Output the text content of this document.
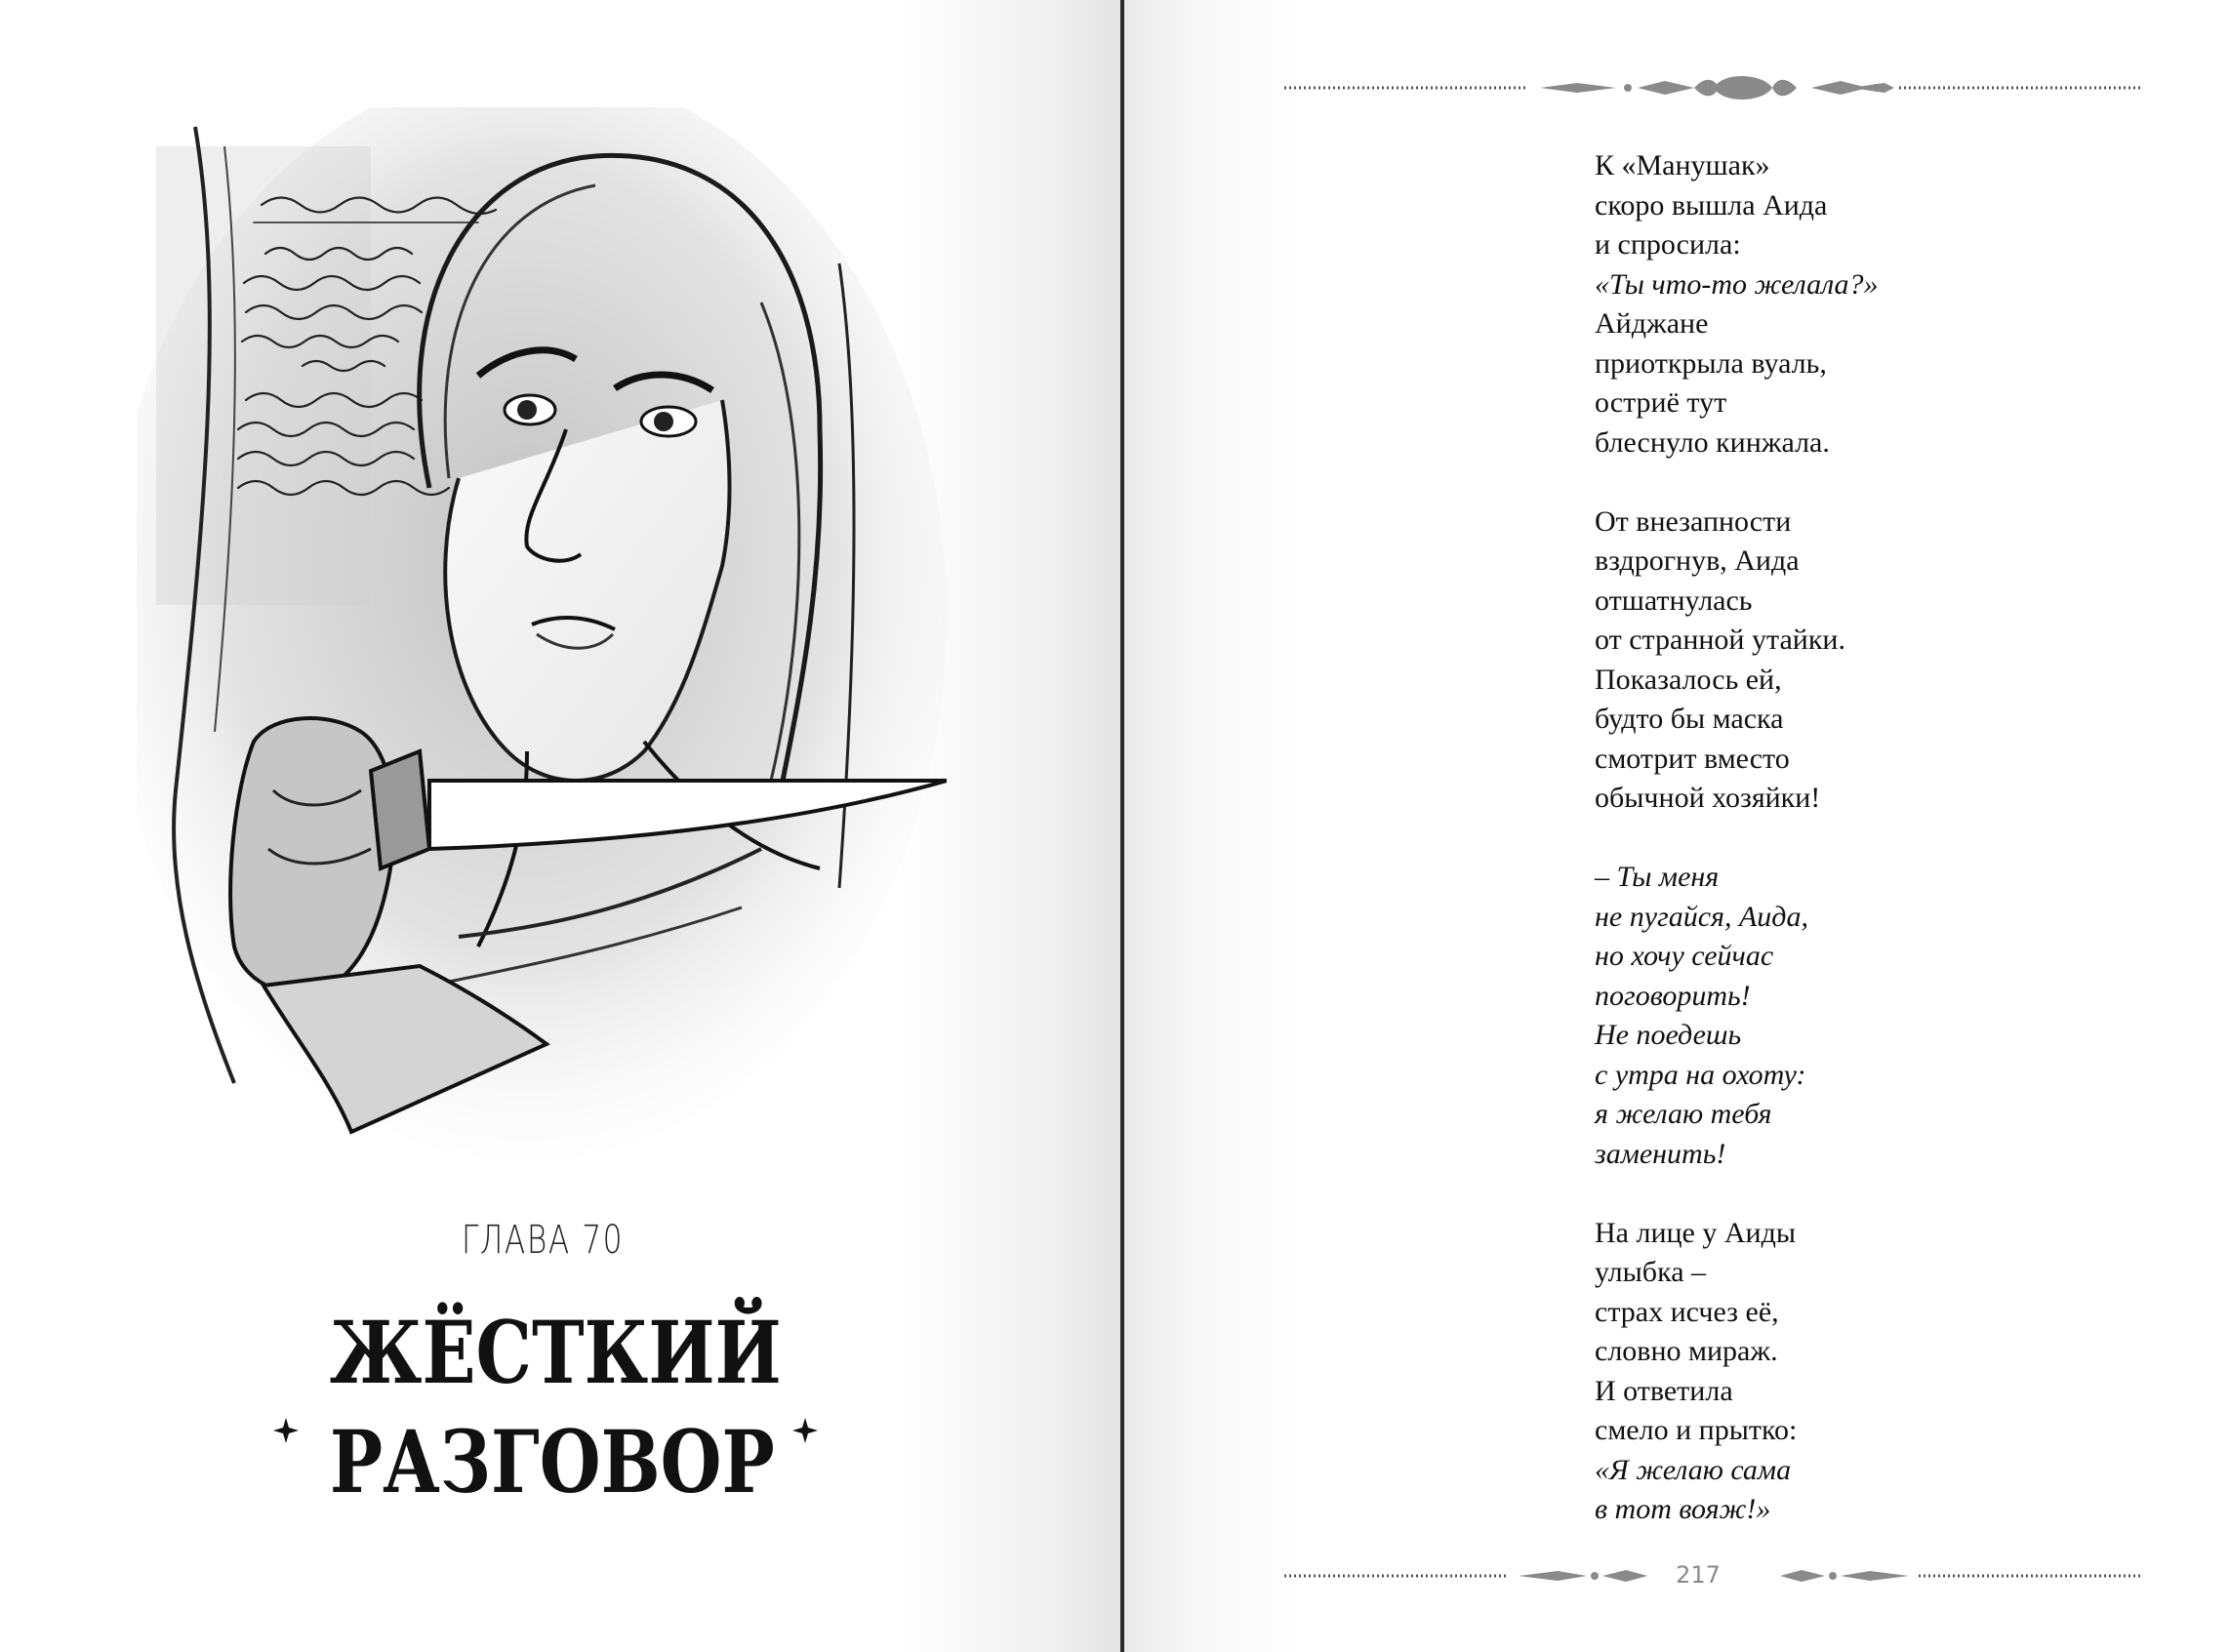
ГЛАВА 70
ЖЁСТКИЙ
РАЗГОВОР
К «Манушак»
скоро вышла Аида
и спросила:
«Ты что-то желала?»
Айджане
приоткрыла вуаль,
остриё тут
блеснуло кинжала.
От внезапности
вздрогнув, Аида
отшатнулась
от странной утайки.
Показалось ей,
будто бы маска
смотрит вместо
обычной хозяйки!
– Ты меня
не пугайся, Аида,
но хочу сейчас
поговорить!
Не поедешь
с утра на охоту:
я желаю тебя
заменить!
На лице у Аиды
улыбка –
страх исчез её,
словно мираж.
И ответила
смело и прытко:
«Я желаю сама
в тот вояж!»
217
